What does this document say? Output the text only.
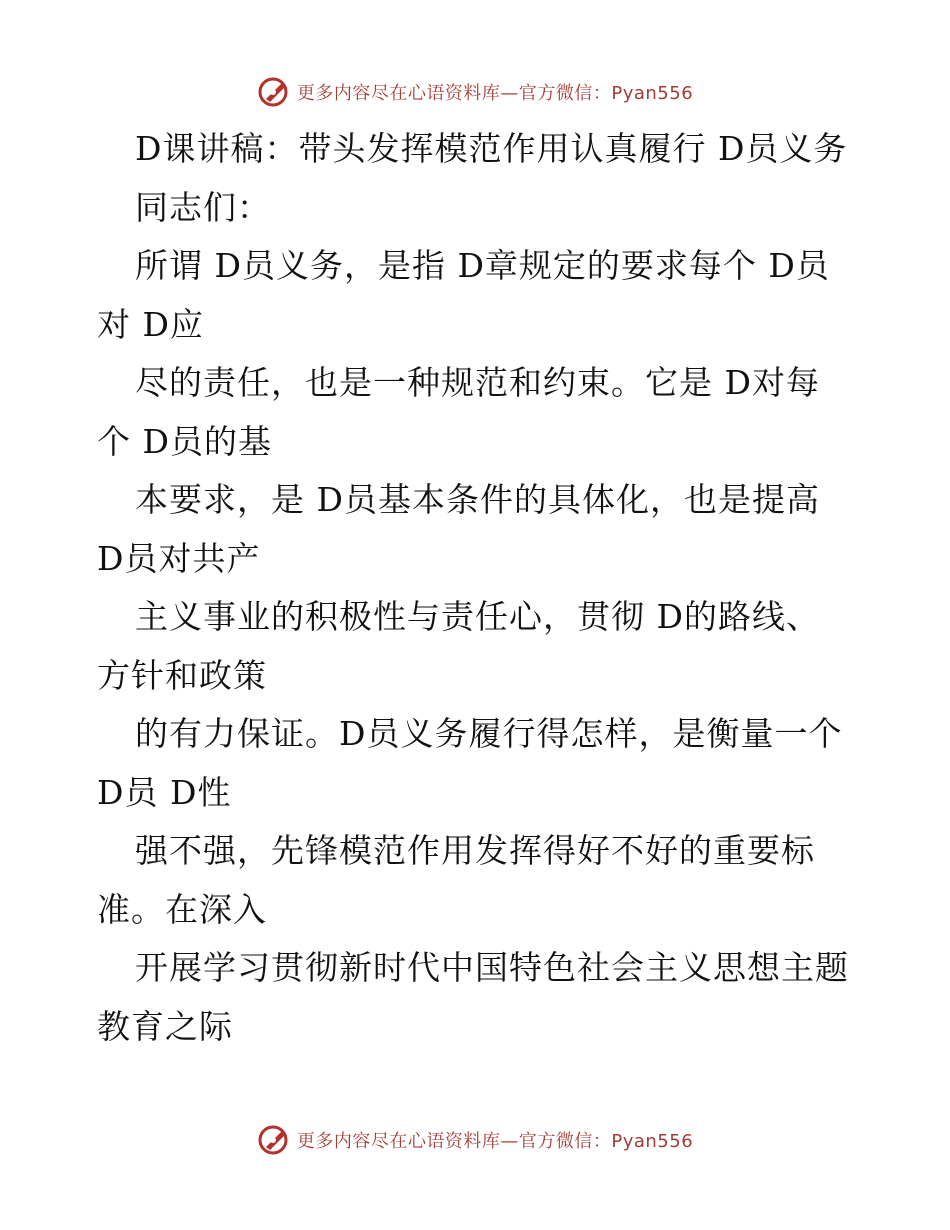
更多内容尽在心语资料库—官方微信：Pyan556
D课讲稿：带头发挥模范作用认真履行 D员义务
同志们：
所谓 D员义务，是指 D章规定的要求每个 D员
对 D应
尽的责任，也是一种规范和约束。它是 D对每
个 D员的基
本要求，是 D员基本条件的具体化，也是提高
D员对共产
主义事业的积极性与责任心，贯彻 D的路线、
方针和政策
的有力保证。D员义务履行得怎样，是衡量一个
D员 D性
强不强，先锋模范作用发挥得好不好的重要标
准。在深入
开展学习贯彻新时代中国特色社会主义思想主题
教育之际
更多内容尽在心语资料库—官方微信：Pyan556
